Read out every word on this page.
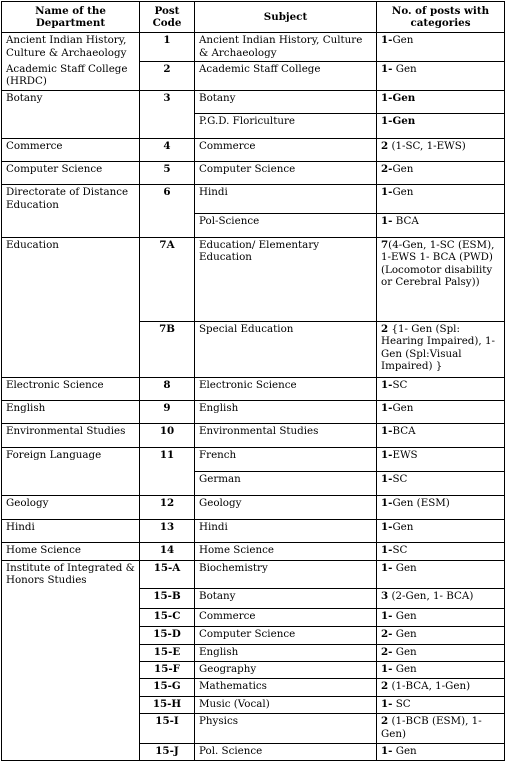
Name of the Department	Post Code	Subject	No. of posts with categories
Ancient Indian History, Culture & Archaeology	1	Ancient Indian History, Culture & Archaeology	1-Gen
Academic Staff College (HRDC)	2	Academic Staff College	1- Gen
Botany	3	Botany	1-Gen
		P.G.D. Floriculture	1-Gen
Commerce	4	Commerce	2 (1-SC, 1-EWS)
Computer Science	5	Computer Science	2-Gen
Directorate of Distance Education	6	Hindi	1-Gen
		Pol-Science	1- BCA
Education	7A	Education/ Elementary Education	7(4-Gen, 1-SC (ESM), 1-EWS 1- BCA (PWD) (Locomotor disability or Cerebral Palsy))
	7B	Special Education	2 {1- Gen (Spl: Hearing Impaired), 1- Gen (Spl:Visual Impaired) }
Electronic Science	8	Electronic Science	1-SC
English	9	English	1-Gen
Environmental Studies	10	Environmental Studies	1-BCA
Foreign Language	11	French	1-EWS
		German	1-SC
Geology	12	Geology	1-Gen (ESM)
Hindi	13	Hindi	1-Gen
Home Science	14	Home Science	1-SC
Institute of Integrated & Honors Studies	15-A	Biochemistry	1- Gen
	15-B	Botany	3 (2-Gen, 1- BCA)
	15-C	Commerce	1- Gen
	15-D	Computer Science	2- Gen
	15-E	English	2- Gen
	15-F	Geography	1- Gen
	15-G	Mathematics	2 (1-BCA, 1-Gen)
	15-H	Music (Vocal)	1- SC
	15-I	Physics	2 (1-BCB (ESM), 1- Gen)
	15-J	Pol. Science	1- Gen
